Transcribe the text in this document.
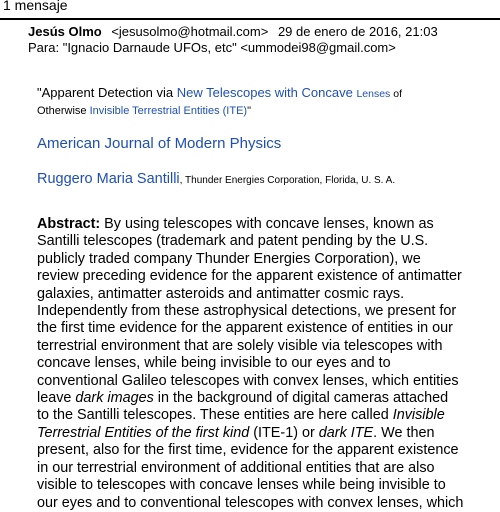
1 mensaje
Jesús Olmo <jesusolmo@hotmail.com> 29 de enero de 2016, 21:03
Para: "Ignacio Darnaude UFOs, etc" <ummodei98@gmail.com>
"Apparent Detection via New Telescopes with Concave Lenses of
Otherwise Invisible Terrestrial Entities (ITE)"
American Journal of Modern Physics
Ruggero Maria Santilli, Thunder Energies Corporation, Florida, U. S. A.
Abstract: By using telescopes with concave lenses, known as
Santilli telescopes (trademark and patent pending by the U.S.
publicly traded company Thunder Energies Corporation), we
review preceding evidence for the apparent existence of antimatter
galaxies, antimatter asteroids and antimatter cosmic rays.
Independently from these astrophysical detections, we present for
the first time evidence for the apparent existence of entities in our
terrestrial environment that are solely visible via telescopes with
concave lenses, while being invisible to our eyes and to
conventional Galileo telescopes with convex lenses, which entities
leave dark images in the background of digital cameras attached
to the Santilli telescopes. These entities are here called Invisible
Terrestrial Entities of the first kind (ITE-1) or dark ITE. We then
present, also for the first time, evidence for the apparent existence
in our terrestrial environment of additional entities that are also
visible to telescopes with concave lenses while being invisible to
our eyes and to conventional telescopes with convex lenses, which
